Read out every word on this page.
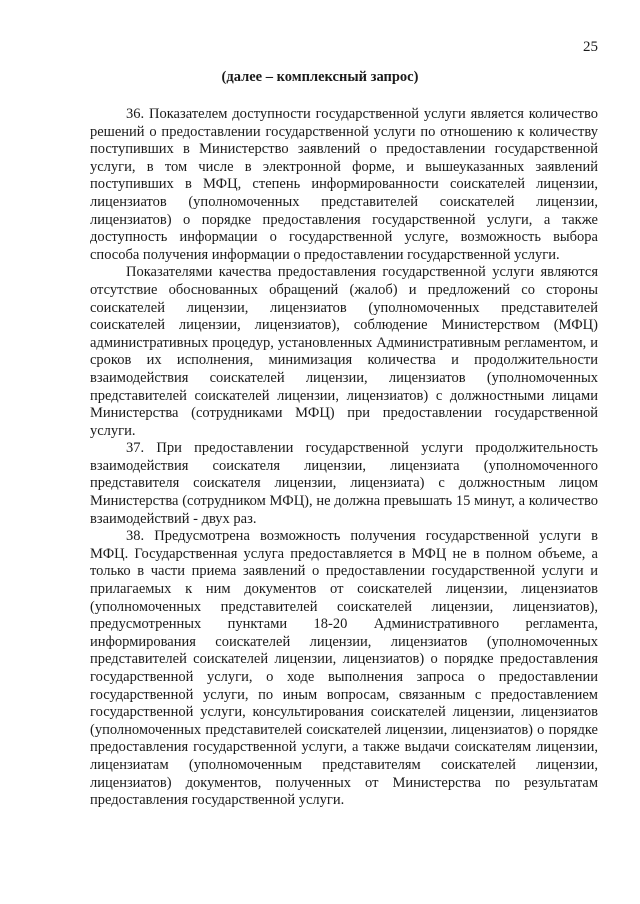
25
(далее – комплексный запрос)

36. Показателем доступности государственной услуги является количество решений о предоставлении государственной услуги по отношению к количеству поступивших в Министерство заявлений о предоставлении государственной услуги, в том числе в электронной форме, и вышеуказанных заявлений поступивших в МФЦ, степень информированности соискателей лицензии, лицензиатов (уполномоченных представителей соискателей лицензии, лицензиатов) о порядке предоставления государственной услуги, а также доступность информации о государственной услуге, возможность выбора способа получения информации о предоставлении государственной услуги.

Показателями качества предоставления государственной услуги являются отсутствие обоснованных обращений (жалоб) и предложений со стороны соискателей лицензии, лицензиатов (уполномоченных представителей соискателей лицензии, лицензиатов), соблюдение Министерством (МФЦ) административных процедур, установленных Административным регламентом, и сроков их исполнения, минимизация количества и продолжительности взаимодействия соискателей лицензии, лицензиатов (уполномоченных представителей соискателей лицензии, лицензиатов) с должностными лицами Министерства (сотрудниками МФЦ) при предоставлении государственной услуги.

37. При предоставлении государственной услуги продолжительность взаимодействия соискателя лицензии, лицензиата (уполномоченного представителя соискателя лицензии, лицензиата) с должностным лицом Министерства (сотрудником МФЦ), не должна превышать 15 минут, а количество взаимодействий - двух раз.

38. Предусмотрена возможность получения государственной услуги в МФЦ. Государственная услуга предоставляется в МФЦ не в полном объеме, а только в части приема заявлений о предоставлении государственной услуги и прилагаемых к ним документов от соискателей лицензии, лицензиатов (уполномоченных представителей соискателей лицензии, лицензиатов), предусмотренных пунктами 18-20 Административного регламента, информирования соискателей лицензии, лицензиатов (уполномоченных представителей соискателей лицензии, лицензиатов) о порядке предоставления государственной услуги, о ходе выполнения запроса о предоставлении государственной услуги, по иным вопросам, связанным с предоставлением государственной услуги, консультирования соискателей лицензии, лицензиатов (уполномоченных представителей соискателей лицензии, лицензиатов) о порядке предоставления государственной услуги, а также выдачи соискателям лицензии, лицензиатам (уполномоченным представителям соискателей лицензии, лицензиатов) документов, полученных от Министерства по результатам предоставления государственной услуги.
